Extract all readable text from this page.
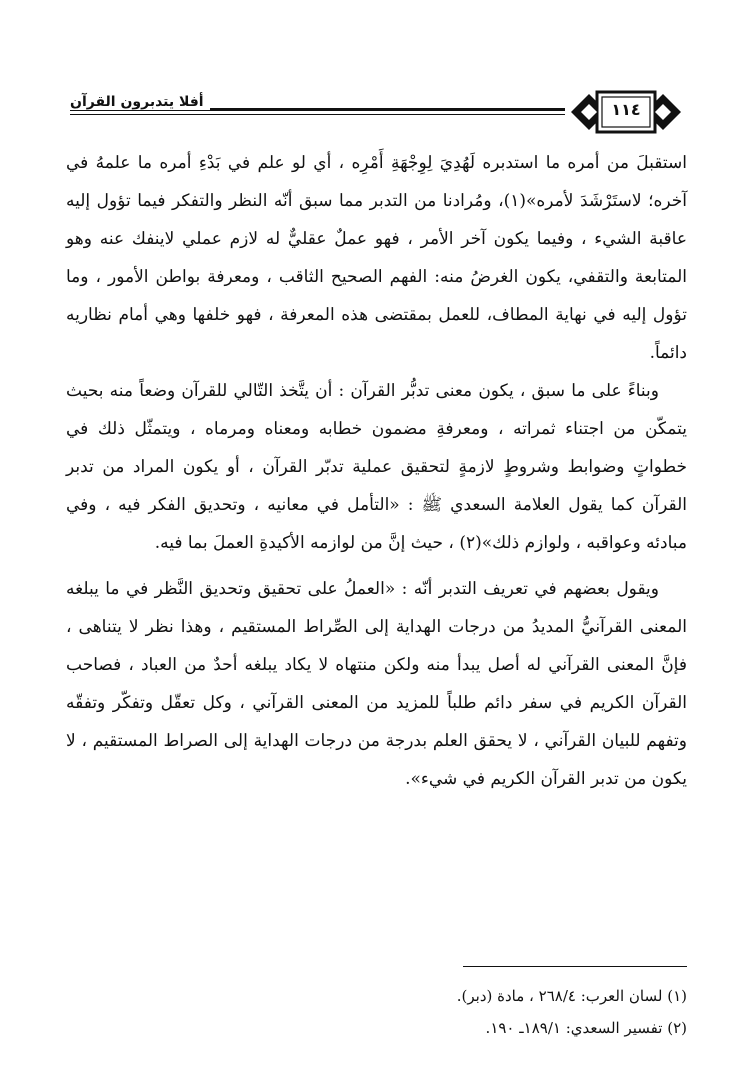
أفلا يتدبرون القرآن	١١٤

استقبلَ من أمره ما استدبره لَهُدِيَ لِوِجْهَةِ أَمْرِه ، أي لو علم في بَدْءِ أمره ما علمهُ في آخره؛ لاستَرْشَدَ لأمره»(١)، ومُرادنا من التدبر مما سبق أنّه النظر والتفكر فيما تؤول إليه عاقبة الشيء ، وفيما يكون آخر الأمر ، فهو عملٌ عقليٌّ له لازم عملي لاينفك عنه وهو المتابعة والتقفي، يكون الغرضُ منه: الفهم الصحيح الثاقب ، ومعرفة بواطن الأمور ، وما تؤول إليه في نهاية المطاف، للعمل بمقتضى هذه المعرفة ، فهو خلفها وهي أمام نظاريه دائماً.

وبناءً على ما سبق ، يكون معنى تدبُّر القرآن : أن يتَّخذ التّالي للقرآن وضعاً منه بحيث يتمكّن من اجتناء ثمراته ، ومعرفةِ مضمون خطابه ومعناه ومرماه ، ويتمثّل ذلك في خطواتٍ وضوابط وشروطٍ لازمةٍ لتحقيق عملية تدبّر القرآن ، أو يكون المراد من تدبر القرآن كما يقول العلامة السعدي ﷺ : «التأمل في معانيه ، وتحديق الفكر فيه ، وفي مبادئه وعواقبه ، ولوازم ذلك»(٢) ، حيث إنَّ من لوازمه الأكيدةِ العملَ بما فيه.

ويقول بعضهم في تعريف التدبر أنّه : «العملُ على تحقيق وتحديق النَّظر في ما يبلغه المعنى القرآنيُّ المديدُ من درجات الهداية إلى الصِّراط المستقيم ، وهذا نظر لا يتناهى ، فإنَّ المعنى القرآني له أصل يبدأ منه ولكن منتهاه لا يكاد يبلغه أحدٌ من العباد ، فصاحب القرآن الكريم في سفر دائم طلباً للمزيد من المعنى القرآني ، وكل تعقّل وتفكّر وتفقّه وتفهم للبيان القرآني ، لا يحقق العلم بدرجة من درجات الهداية إلى الصراط المستقيم ، لا يكون من تدبر القرآن الكريم في شيء».

(١) لسان العرب: ٢٦٨/٤ ، مادة (دبر).
(٢) تفسير السعدي: ١٨٩/١ـ ١٩٠.
